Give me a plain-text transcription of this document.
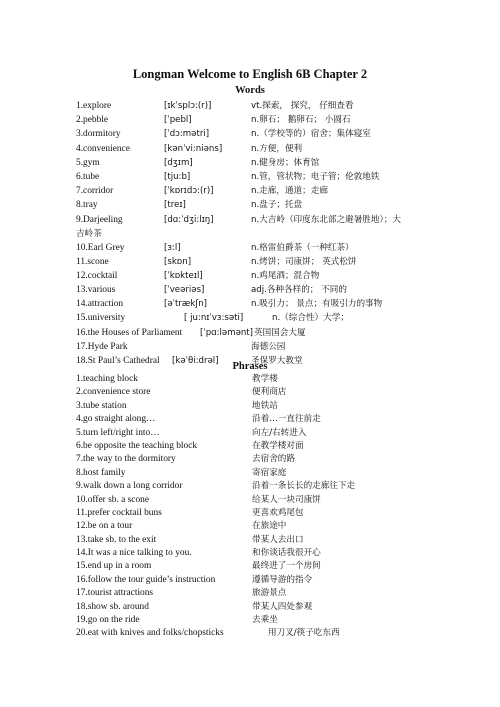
Longman Welcome to English 6B Chapter 2
Words
1.explore	[ɪkˈsplɔ:(r)]	vt.探索， 探究， 仔细查看
2.pebble	[ˈpebl]	n.卵石； 鹅卵石； 小圆石
3.dormitory	[ˈdɔ:mətri]	n.（学校等的）宿舍；集体寝室
4.convenience	[kənˈvi:niəns]	n.方便，便利
5.gym	[dʒɪm]	n.健身房；体育馆
6.tube	[tju:b]	n.管，管状物；电子管；伦敦地铁
7.corridor	[ˈkɒrɪdɔ:(r)]	n.走廊，通道；走廊
8.tray	[treɪ]	n.盘子；托盘
9.Darjeeling	[dɑ:ˈdʒi:lɪŋ]	n.大吉岭（印度东北部之避暑胜地）；大
吉岭茶
10.Earl Grey	[ɜ:l]	n.格雷伯爵茶（一种红茶）
11.scone	[skɒn]	n.烤饼；司康饼； 英式松饼
12.cocktail	[ˈkɒkteɪl]	n.鸡尾酒；混合物
13.various	[ˈveəriəs]	adj.各种各样的； 不同的
14.attraction	[əˈtrækʃn]	n.吸引力； 景点；有吸引力的事物
15.university	[ ju:nɪˈvɜ:səti]	n.（综合性）大学；
16.the Houses of Parliament [ˈpɑ:ləmənt] 英国国会大厦
17.Hyde Park	海德公园
18.St Paul’s Cathedral [kəˈθi:drəl]	圣保罗大教堂
Phrases
1.teaching block	教学楼
2.convenience store	便利商店
3.tube station	地铁站
4.go straight along…	沿着…一直往前走
5.turn left/right into…	向左/右转进入
6.be opposite the teaching block	在教学楼对面
7.the way to the dormitory	去宿舍的路
8.host family	寄宿家庭
9.walk down a long corridor	沿着一条长长的走廊往下走
10.offer sb. a scone	给某人一块司康饼
11.prefer cocktail buns	更喜欢鸡尾包
12.be on a tour	在旅途中
13.take sb. to the exit	带某人去出口
14.It was a nice talking to you.	和你谈话我很开心
15.end up in a room	最终进了一个房间
16.follow the tour guide’s instruction	遵循导游的指令
17.tourist attractions	旅游景点
18.show sb. around	带某人四处参观
19.go on the ride	去乘坐
20.eat with knives and folks/chopsticks	用刀叉/筷子吃东西
